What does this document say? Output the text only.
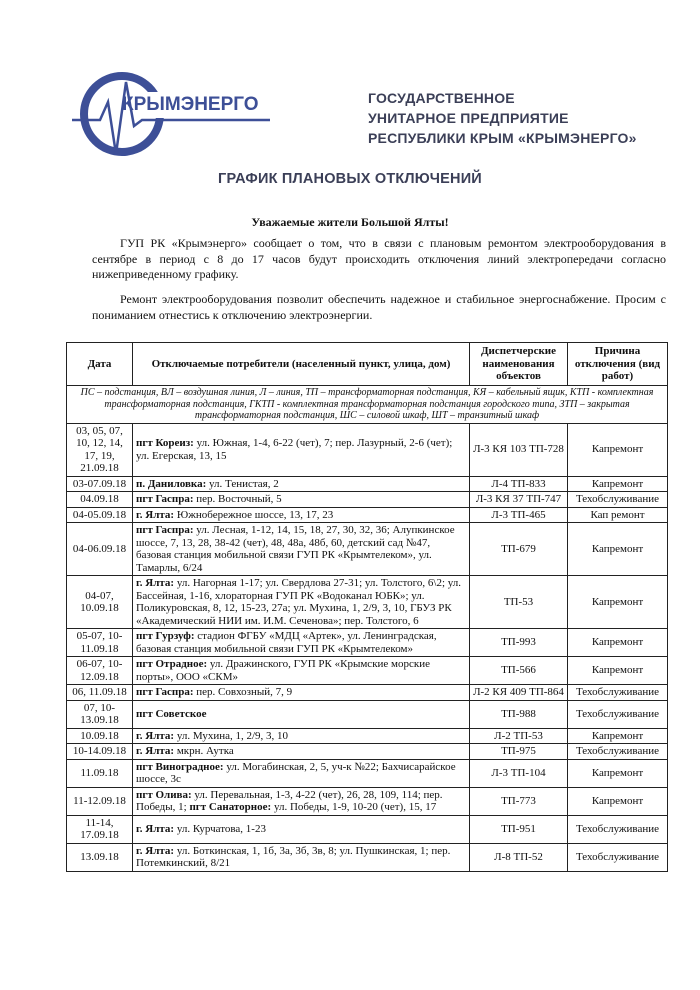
КРЫМЭНЕРГО	ГОСУДАРСТВЕННОЕ
УНИТАРНОЕ ПРЕДПРИЯТИЕ
РЕСПУБЛИКИ КРЫМ «КРЫМЭНЕРГО»
ГРАФИК ПЛАНОВЫХ ОТКЛЮЧЕНИЙ
Уважаемые жители Большой Ялты!
ГУП РК «Крымэнерго» сообщает о том, что в связи с плановым ремонтом электрооборудования в сентябре в период с 8 до 17 часов будут происходить отключения линий электропередачи согласно нижеприведенному графику.
Ремонт электрооборудования позволит обеспечить надежное и стабильное энергоснабжение. Просим с пониманием отнестись к отключению электроэнергии.
Дата	Отключаемые потребители (населенный пункт, улица, дом)	Диспетчерские наименования объектов	Причина отключения (вид работ)
ПС – подстанция, ВЛ – воздушная линия, Л – линия, ТП – трансформаторная подстанция, КЯ – кабельный ящик, КТП - комплектная трансформаторная подстанция, ГКТП - комплектная трансформаторная подстанция городского типа, ЗТП – закрытая трансформаторная подстанция, ШС – силовой шкаф, ШТ – транзитный шкаф			
03, 05, 07, 10, 12, 14, 17, 19, 21.09.18	пгт Кореиз: ул. Южная, 1-4, 6-22 (чет), 7; пер. Лазурный, 2-6 (чет); ул. Егерская, 13, 15	Л-3 КЯ 103 ТП-728	Капремонт
03-07.09.18	п. Даниловка: ул. Тенистая, 2	Л-4 ТП-833	Капремонт
04.09.18	пгт Гаспра: пер. Восточный, 5	Л-3 КЯ 37 ТП-747	Техобслуживание
04-05.09.18	г. Ялта: Южнобережное шоссе, 13, 17, 23	Л-3 ТП-465	Кап ремонт
04-06.09.18	пгт Гаспра: ул. Лесная, 1-12, 14, 15, 18, 27, 30, 32, 36; Алупкинское шоссе, 7, 13, 28, 38-42 (чет), 48, 48а, 48б, 60, детский сад №47, базовая станция мобильной связи ГУП РК «Крымтелеком», ул. Тамарлы, 6/24	ТП-679	Капремонт
04-07, 10.09.18	г. Ялта: ул. Нагорная 1-17; ул. Свердлова 27-31; ул. Толстого, 6\2; ул. Бассейная, 1-16, хлораторная ГУП РК «Водоканал ЮБК»; ул. Поликуровская, 8, 12, 15-23, 27а; ул. Мухина, 1, 2/9, 3, 10, ГБУЗ РК «Академический НИИ им. И.М. Сеченова»; пер. Толстого, 6	ТП-53	Капремонт
05-07, 10-11.09.18	пгт Гурзуф: стадион ФГБУ «МДЦ «Артек», ул. Ленинградская, базовая станция мобильной связи ГУП РК «Крымтелеком»	ТП-993	Капремонт
06-07, 10-12.09.18	пгт Отрадное: ул. Дражинского, ГУП РК «Крымские морские порты», ООО «СКМ»	ТП-566	Капремонт
06, 11.09.18	пгт Гаспра: пер. Совхозный, 7, 9	Л-2 КЯ 409 ТП-864	Техобслуживание
07, 10-13.09.18	пгт Советское	ТП-988	Техобслуживание
10.09.18	г. Ялта: ул. Мухина, 1, 2/9, 3, 10	Л-2 ТП-53	Капремонт
10-14.09.18	г. Ялта: мкрн. Аутка	ТП-975	Техобслуживание
11.09.18	пгт Виноградное: ул. Могабинская, 2, 5, уч-к №22; Бахчисарайское шоссе, 3с	Л-3 ТП-104	Капремонт
11-12.09.18	пгт Олива: ул. Перевальная, 1-3, 4-22 (чет), 26, 28, 109, 114; пер. Победы, 1; пгт Санаторное: ул. Победы, 1-9, 10-20 (чет), 15, 17	ТП-773	Капремонт
11-14, 17.09.18	г. Ялта: ул. Курчатова, 1-23	ТП-951	Техобслуживание
13.09.18	г. Ялта: ул. Боткинская, 1, 1б, 3а, 3б, 3в, 8; ул. Пушкинская, 1; пер. Потемкинский, 8/21	Л-8 ТП-52	Техобслуживание
